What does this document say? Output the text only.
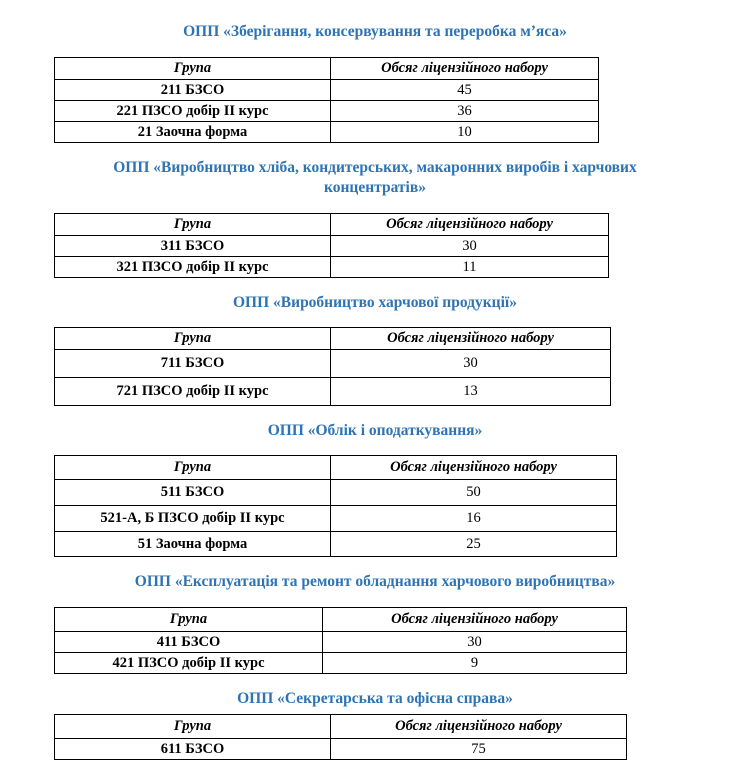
ОПП «Зберігання, консервування та переробка м’яса»
Група	Обсяг ліцензійного набору
211 БЗСО	45
221 ПЗСО добір ІІ курс	36
21 Заочна форма	10
ОПП «Виробництво хліба, кондитерських, макаронних виробів і харчових
концентратів»
Група	Обсяг ліцензійного набору
311 БЗСО	30
321 ПЗСО добір ІІ курс	11
ОПП «Виробництво харчової продукції»
Група	Обсяг ліцензійного набору
711 БЗСО	30
721 ПЗСО добір ІІ курс	13
ОПП «Облік і оподаткування»
Група	Обсяг ліцензійного набору
511 БЗСО	50
521-А, Б ПЗСО добір ІІ курс	16
51 Заочна форма	25
ОПП «Експлуатація та ремонт обладнання харчового виробництва»
Група	Обсяг ліцензійного набору
411 БЗСО	30
421 ПЗСО добір ІІ курс	9
ОПП «Секретарська та офісна справа»
Група	Обсяг ліцензійного набору
611 БЗСО	75
